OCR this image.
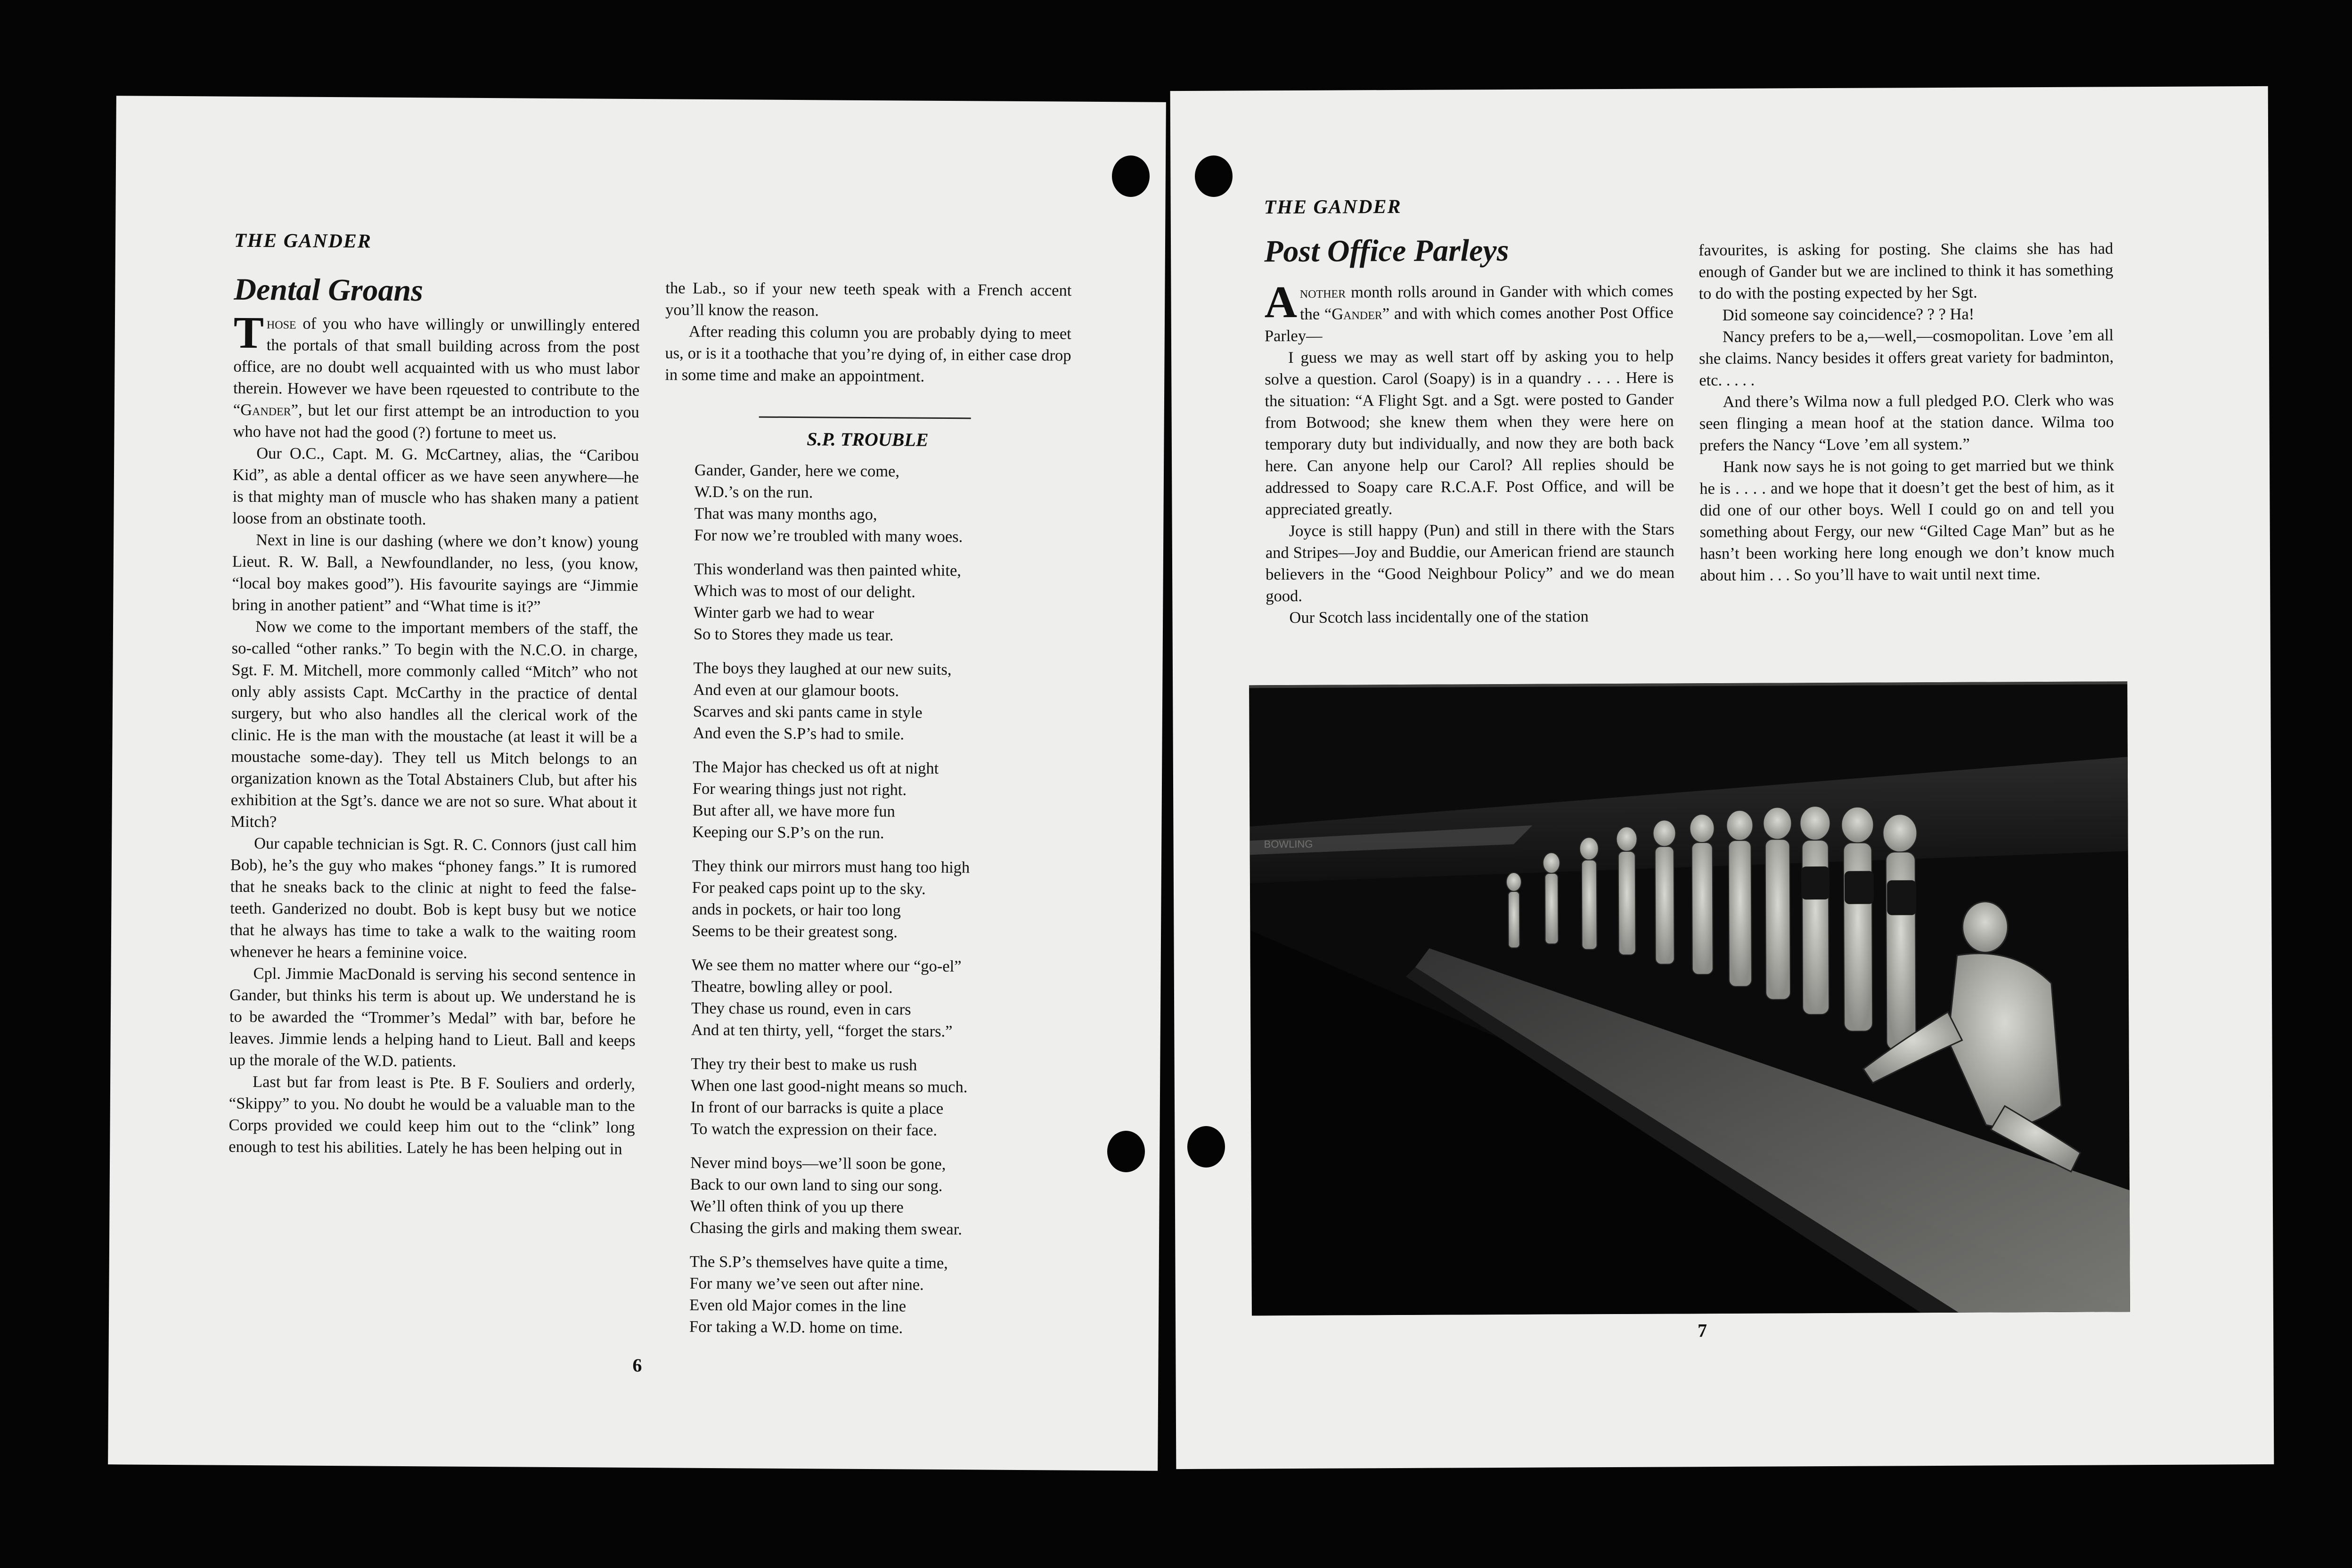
THE GANDER
Dental Groans

Those of you who have willingly or unwillingly entered the portals of that small building across from the post office, are no doubt well acquainted with us who must labor therein. However we have been rqeuested to contribute to the “Gander”, but let our first attempt be an introduction to you who have not had the good (?) fortune to meet us.

Our O.C., Capt. M. G. McCartney, alias, the “Caribou Kid”, as able a dental officer as we have seen anywhere—he is that mighty man of muscle who has shaken many a patient loose from an obstinate tooth.

Next in line is our dashing (where we don’t know) young Lieut. R. W. Ball, a Newfoundlander, no less, (you know, “local boy makes good”). His favourite sayings are “Jimmie bring in another patient” and “What time is it?”

Now we come to the important members of the staff, the so-called “other ranks.” To begin with the N.C.O. in charge, Sgt. F. M. Mitchell, more commonly called “Mitch” who not only ably assists Capt. McCarthy in the practice of dental surgery, but who also handles all the clerical work of the clinic. He is the man with the moustache (at least it will be a moustache some-day). They tell us Mitch belongs to an organization known as the Total Abstainers Club, but after his exhibition at the Sgt’s. dance we are not so sure. What about it Mitch?

Our capable technician is Sgt. R. C. Connors (just call him Bob), he’s the guy who makes “phoney fangs.” It is rumored that he sneaks back to the clinic at night to feed the false-teeth. Ganderized no doubt. Bob is kept busy but we notice that he always has time to take a walk to the waiting room whenever he hears a feminine voice.

Cpl. Jimmie MacDonald is serving his second sentence in Gander, but thinks his term is about up. We understand he is to be awarded the “Trommer’s Medal” with bar, before he leaves. Jimmie lends a helping hand to Lieut. Ball and keeps up the morale of the W.D. patients.

Last but far from least is Pte. B F. Souliers and orderly, “Skippy” to you. No doubt he would be a valuable man to the Corps provided we could keep him out to the “clink” long enough to test his abilities. Lately he has been helping out in

the Lab., so if your new teeth speak with a French accent you’ll know the reason.

After reading this column you are probably dying to meet us, or is it a toothache that you’re dying of, in either case drop in some time and make an appointment.

S.P. TROUBLE
Gander, Gander, here we come,
W.D.’s on the run.
That was many months ago,
For now we’re troubled with many woes.
This wonderland was then painted white,
Which was to most of our delight.
Winter garb we had to wear
So to Stores they made us tear.
The boys they laughed at our new suits,
And even at our glamour boots.
Scarves and ski pants came in style
And even the S.P’s had to smile.
The Major has checked us oft at night
For wearing things just not right.
But after all, we have more fun
Keeping our S.P’s on the run.
They think our mirrors must hang too high
For peaked caps point up to the sky.
ands in pockets, or hair too long
Seems to be their greatest song.
We see them no matter where our “go-el”
Theatre, bowling alley or pool.
They chase us round, even in cars
And at ten thirty, yell, “forget the stars.”
They try their best to make us rush
When one last good-night means so much.
In front of our barracks is quite a place
To watch the expression on their face.
Never mind boys—we’ll soon be gone,
Back to our own land to sing our song.
We’ll often think of you up there
Chasing the girls and making them swear.
The S.P’s themselves have quite a time,
For many we’ve seen out after nine.
Even old Major comes in the line
For taking a W.D. home on time.
6
THE GANDER
Post Office Parleys

Another month rolls around in Gander with which comes the “Gander” and with which comes another Post Office Parley—

I guess we may as well start off by asking you to help solve a question. Carol (Soapy) is in a quandry . . . . Here is the situation: “A Flight Sgt. and a Sgt. were posted to Gander from Botwood; she knew them when they were here on temporary duty but individually, and now they are both back here. Can anyone help our Carol? All replies should be addressed to Soapy care R.C.A.F. Post Office, and will be appreciated greatly.

Joyce is still happy (Pun) and still in there with the Stars and Stripes—Joy and Buddie, our American friend are staunch believers in the “Good Neighbour Policy” and we do mean good.

Our Scotch lass incidentally one of the station

favourites, is asking for posting. She claims she has had enough of Gander but we are inclined to think it has something to do with the posting expected by her Sgt.

Did someone say coincidence? ? ? Ha!

Nancy prefers to be a,—well,—cosmopolitan. Love ’em all she claims. Nancy besides it offers great variety for badminton, etc. . . . .

And there’s Wilma now a full pledged P.O. Clerk who was seen flinging a mean hoof at the station dance. Wilma too prefers the Nancy “Love ’em all system.”

Hank now says he is not going to get married but we think he is . . . . and we hope that it doesn’t get the best of him, as it did one of our other boys. Well I could go on and tell you something about Fergy, our new “Gilted Cage Man” but as he hasn’t been working here long enough we don’t know much about him . . . So you’ll have to wait until next time.

BOWLING
7
